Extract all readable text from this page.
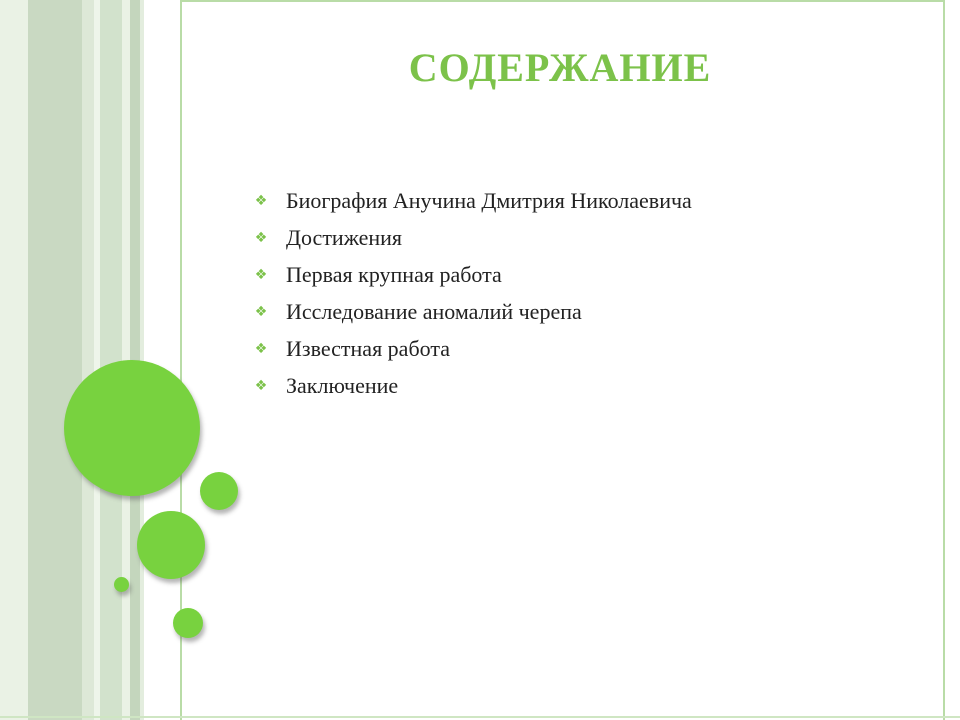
СОДЕРЖАНИЕ
❖ Биография Анучина Дмитрия Николаевича
❖ Достижения
❖ Первая крупная работа
❖ Исследование аномалий черепа
❖ Известная работа
❖ Заключение
